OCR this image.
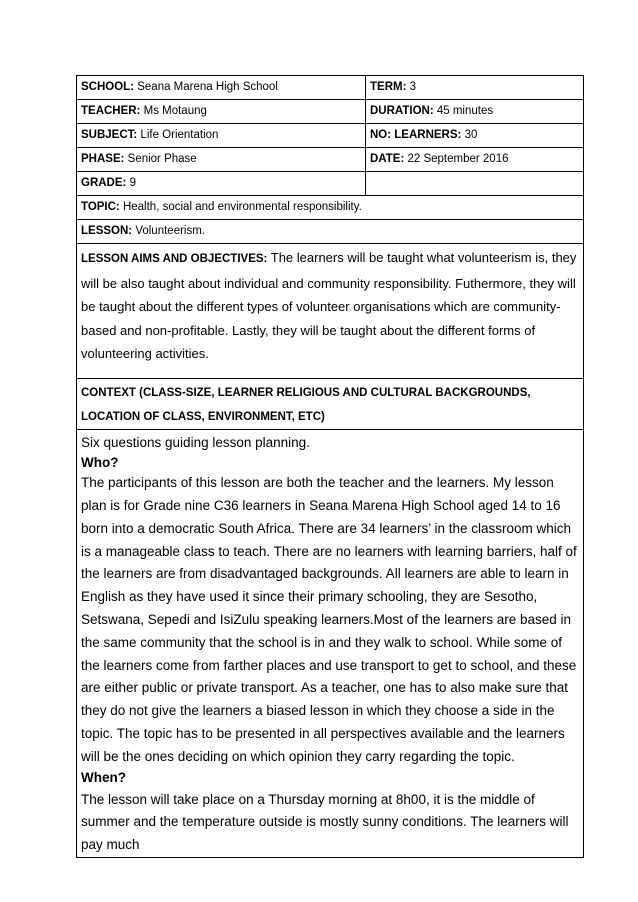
SCHOOL: Seana Marena High School	TERM: 3
TEACHER: Ms Motaung	DURATION: 45 minutes
SUBJECT: Life Orientation	NO: LEARNERS: 30
PHASE: Senior Phase	DATE: 22 September 2016
GRADE: 9	
TOPIC: Health, social and environmental responsibility.	
LESSON: Volunteerism.	
LESSON AIMS AND OBJECTIVES: The learners will be taught what volunteerism is, they will be also taught about individual and community responsibility. Futhermore, they will be taught about the different types of volunteer organisations which are community-based and non-profitable. Lastly, they will be taught about the different forms of volunteering activities.	
CONTEXT (CLASS-SIZE, LEARNER RELIGIOUS AND CULTURAL BACKGROUNDS, LOCATION OF CLASS, ENVIRONMENT, ETC)	

Six questions guiding lesson planning.

Who?

The participants of this lesson are both the teacher and the learners. My lesson plan is for Grade nine C36 learners in Seana Marena High School aged 14 to 16 born into a democratic South Africa. There are 34 learners’ in the classroom which is a manageable class to teach. There are no learners with learning barriers, half of the learners are from disadvantaged backgrounds. All learners are able to learn in English as they have used it since their primary schooling, they are Sesotho, Setswana, Sepedi and IsiZulu speaking learners.Most of the learners are based in the same community that the school is in and they walk to school. While some of the learners come from farther places and use transport to get to school, and these are either public or private transport. As a teacher, one has to also make sure that they do not give the learners a biased lesson in which they choose a side in the topic. The topic has to be presented in all perspectives available and the learners will be the ones deciding on which opinion they carry regarding the topic.

When?

The lesson will take place on a Thursday morning at 8h00, it is the middle of summer and the temperature outside is mostly sunny conditions. The learners will pay much	
